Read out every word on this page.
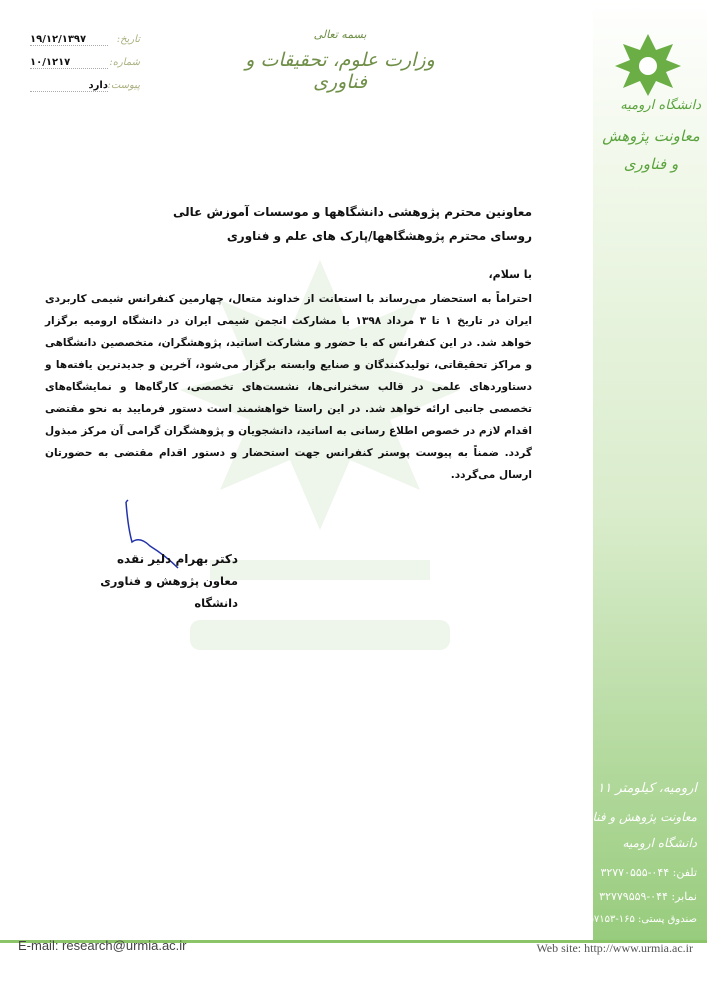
دانشگاه ارومیه
معاونت پژوهش و فناوری
ارومیه، کیلومتر ۱۱ جاده سرو
معاونت پژوهش و فناوری
دانشگاه ارومیه
تلفن: ۰۴۴-۳۲۷۷۰۵۵۵
نمابر: ۰۴۴-۳۲۷۷۹۵۵۹
صندوق پستی: ۱۶۵-۵۷۱۵۳
تاریخ:
۱۹/۱۲/۱۳۹۷
شماره:
۱۰/۱۲۱۷
پیوست:
دارد
بسمه تعالی
وزارت علوم، تحقیقات و فناوری
معاونین محترم پژوهشی دانشگاهها و موسسات آموزش عالی
روسای محترم پژوهشگاهها/پارک های علم و فناوری
با سلام،
احتراماً به استحضار می‌رساند با استعانت از خداوند متعال، چهارمین کنفرانس شیمی کاربردی ایران در تاریخ ۱ تا ۳ مرداد ۱۳۹۸ با مشارکت انجمن شیمی ایران در دانشگاه ارومیه برگزار خواهد شد. در این کنفرانس که با حضور و مشارکت اساتید، پژوهشگران، متخصصین دانشگاهی و مراکز تحقیقاتی، تولیدکنندگان و صنایع وابسته برگزار می‌شود، آخرین و جدیدترین یافته‌ها و دستاوردهای علمی در قالب سخنرانی‌ها، نشست‌های تخصصی، کارگاه‌ها و نمایشگاه‌های تخصصی جانبی ارائه خواهد شد. در این راستا خواهشمند است دستور فرمایید به نحو مقتضی اقدام لازم در خصوص اطلاع رسانی به اساتید، دانشجویان و پژوهشگران گرامی آن مرکز مبذول گردد. ضمناً به پیوست پوستر کنفرانس جهت استحضار و دستور اقدام مقتضی به حضورتان ارسال می‌گردد.
دکتر بهرام دلیر نقده
معاون پژوهش و فناوری دانشگاه
E-mail: research@urmia.ac.ir	Web site: http://www.urmia.ac.ir
